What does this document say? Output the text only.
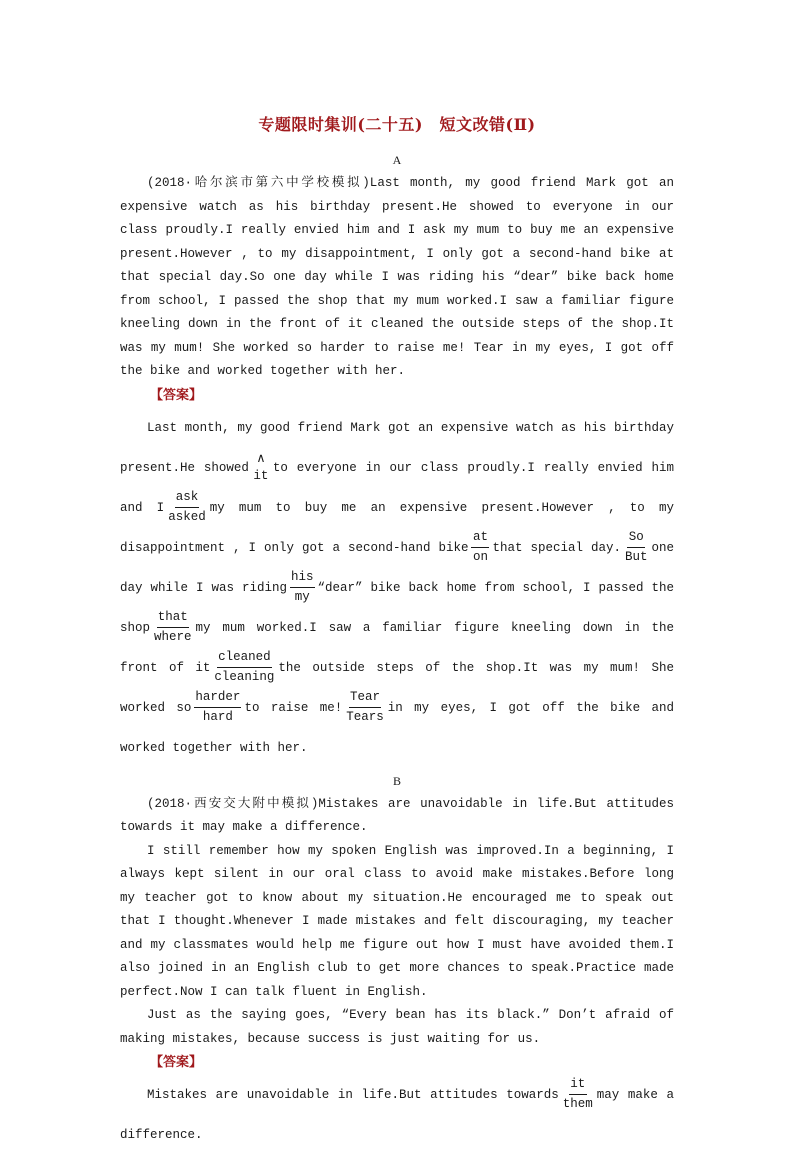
专题限时集训(二十五)　短文改错(Ⅱ)
A

(2018·哈尔滨市第六中学校模拟)Last month, my good friend Mark got an expensive watch as his birthday present.He showed to everyone in our class proudly.I really envied him and I ask my mum to buy me an expensive present.However , to my disappointment, I only got a second-hand bike at that special day.So one day while I was riding his “dear” bike back home from school, I passed the shop that my mum worked.I saw a familiar figure kneeling down in the front of it cleaned the outside steps of the shop.It was my mum! She worked so harder to raise me! Tear in my eyes, I got off the bike and worked together with her.

【答案】

Last month, my good friend Mark got an expensive watch as his birthday present.He showed
∧
it
to everyone in our class proudly.I really envied him and I
ask
asked
my mum to buy me an expensive present.However , to my disappointment , I only got a second-hand bike $\frac{at}{on}$ that special day.
So
But
one day while I was riding
his
my
“dear” bike back home from school, I passed the shop
that
where
my mum worked.I saw a familiar figure kneeling down in the front of it
cleaned
cleaning
the outside steps of the shop.It was my mum! She worked so
harder
hard
to raise me!
Tear
Tears
in my eyes, I got off the bike and worked together with her.

B

(2018·西安交大附中模拟)Mistakes are unavoidable in life.But attitudes towards it may make a difference.

I still remember how my spoken English was improved.In a beginning, I always kept silent in our oral class to avoid make mistakes.Before long my teacher got to know about my situation.He encouraged me to speak out that I thought.Whenever I made mistakes and felt discouraging, my teacher and my classmates would help me figure out how I must have avoided them.I also joined in an English club to get more chances to speak.Practice made perfect.Now I can talk fluent in English.

Just as the saying goes, “Every bean has its black.” Don’t afraid of making mistakes, because success is just waiting for us.

【答案】

Mistakes are unavoidable in life.But attitudes towards
it
them
may make a difference.
